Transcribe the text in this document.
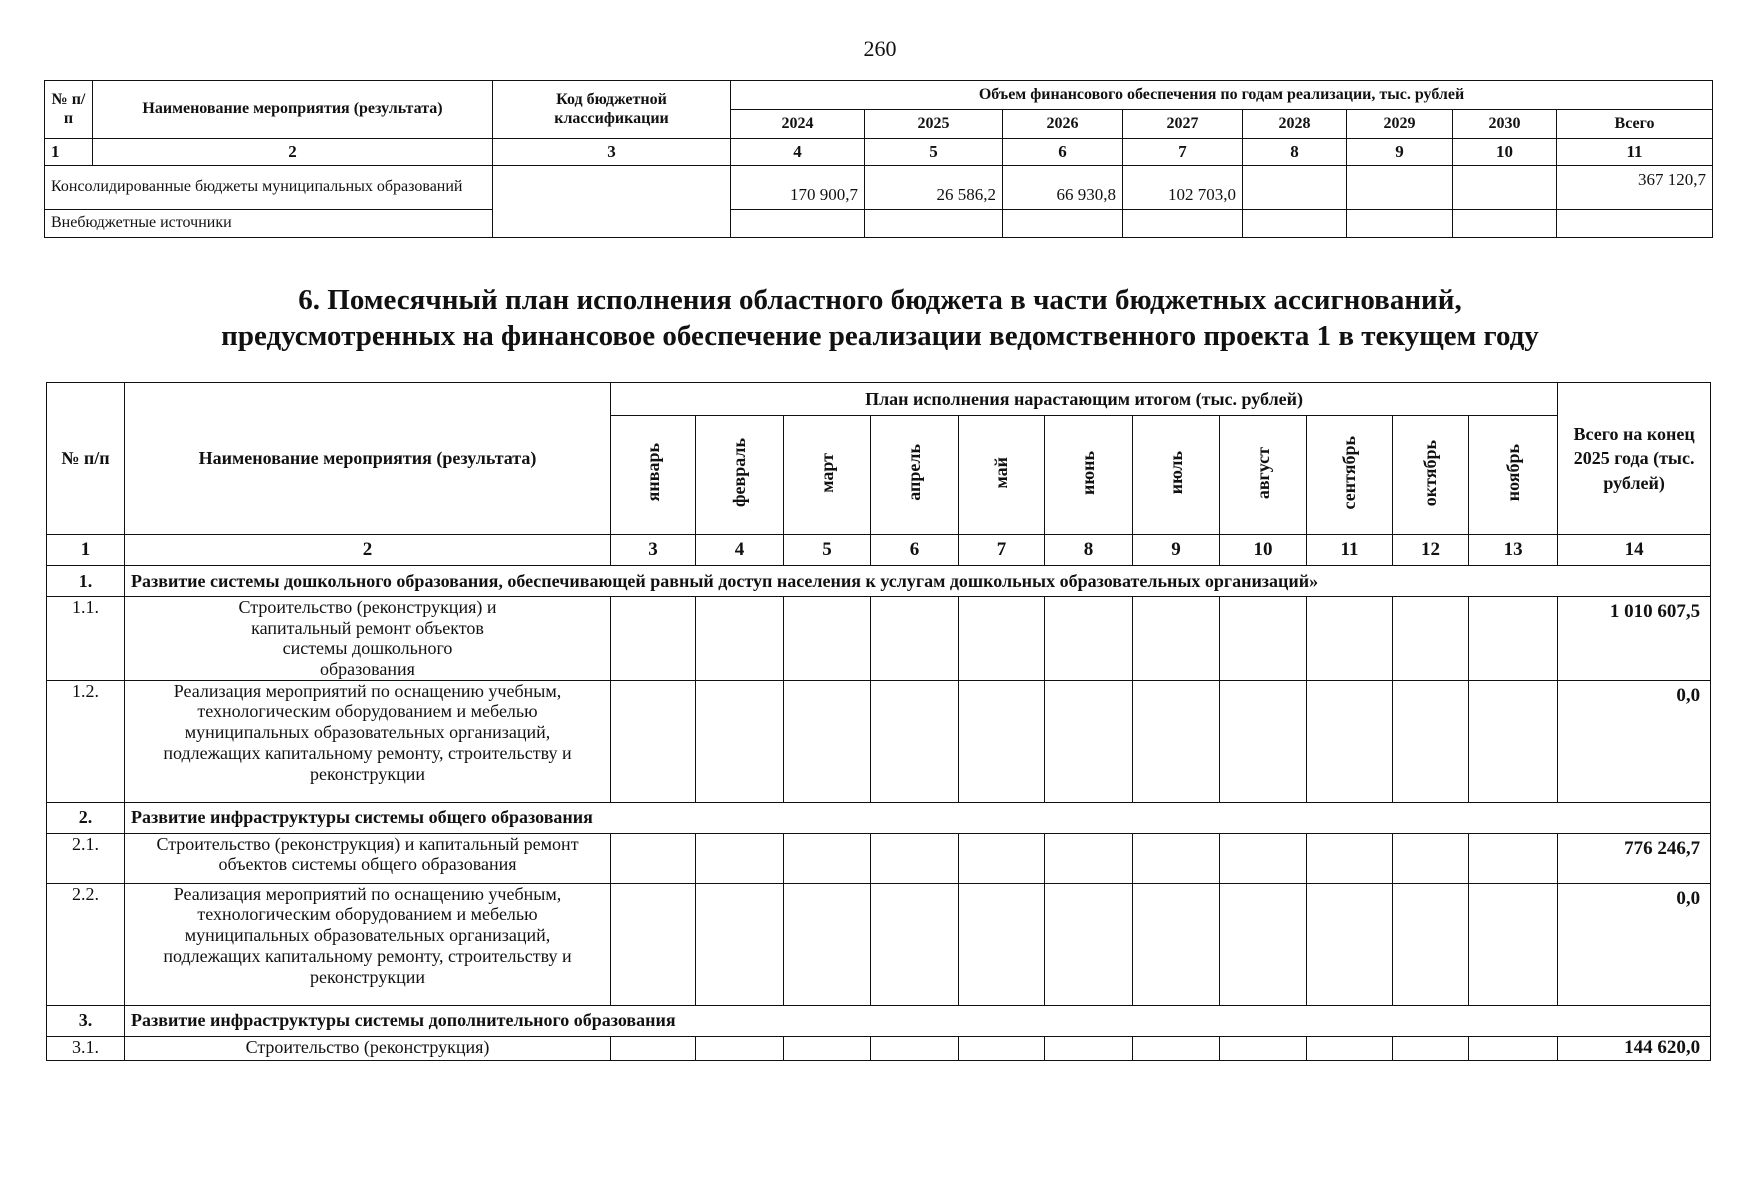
260
№ п/п	Наименование мероприятия (результата)	Код бюджетной классификации	Объем финансового обеспечения по годам реализации, тыс. рублей							
			2024	2025	2026	2027	2028	2029	2030	Всего
1	2	3	4	5	6	7	8	9	10	11
Консолидированные бюджеты муниципальных образований			170 900,7	26 586,2	66 930,8	102 703,0				367 120,7
Внебюджетные источники										
6. Помесячный план исполнения областного бюджета в части бюджетных ассигнований,
предусмотренных на финансовое обеспечение реализации ведомственного проекта 1 в текущем году
№ п/п	Наименование мероприятия (результата)	План исполнения нарастающим итогом (тыс. рублей)											Всего на конец 2025 года (тыс. рублей)
		январь	февраль	март	апрель	май	июнь	июль	август	сентябрь	октябрь	ноябрь	
1	2	3	4	5	6	7	8	9	10	11	12	13	14
1.	Развитие системы дошкольного образования, обеспечивающей равный доступ населения к услугам дошкольных образовательных организаций»												
1.1.	Строительство (реконструкция) и капитальный ремонт объектов системы дошкольного образования												1 010 607,5
1.2.	Реализация мероприятий по оснащению учебным, технологическим оборудованием и мебелью муниципальных образовательных организаций, подлежащих капитальному ремонту, строительству и реконструкции												0,0
2.	Развитие инфраструктуры системы общего образования												
2.1.	Строительство (реконструкция) и капитальный ремонт объектов системы общего образования												776 246,7
2.2.	Реализация мероприятий по оснащению учебным, технологическим оборудованием и мебелью муниципальных образовательных организаций, подлежащих капитальному ремонту, строительству и реконструкции												0,0
3.	Развитие инфраструктуры системы дополнительного образования												
3.1.	Строительство (реконструкция)												144 620,0
